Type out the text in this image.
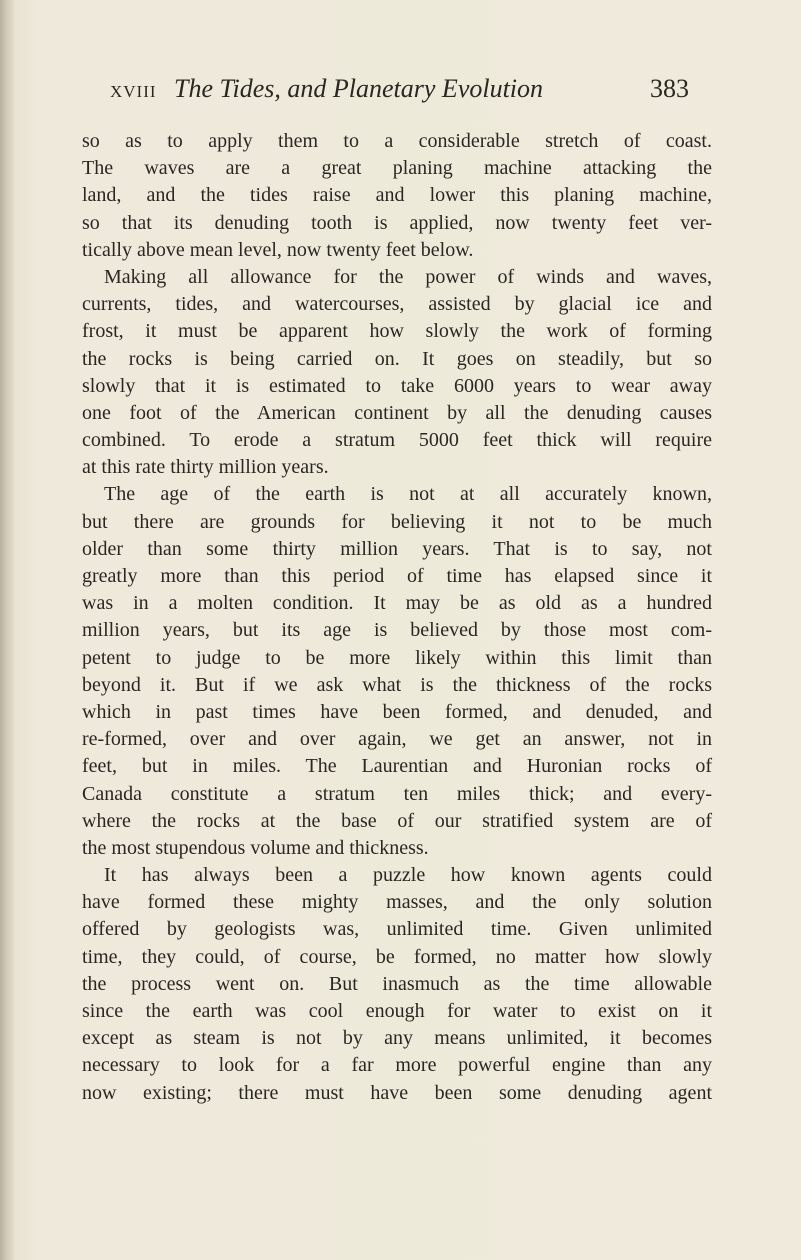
XVIII The Tides, and Planetary Evolution	383
so as to apply them to a considerable stretch of coast.
The waves are a great planing machine attacking the
land, and the tides raise and lower this planing machine,
so that its denuding tooth is applied, now twenty feet ver-
tically above mean level, now twenty feet below.
Making all allowance for the power of winds and waves,
currents, tides, and watercourses, assisted by glacial ice and
frost, it must be apparent how slowly the work of forming
the rocks is being carried on. It goes on steadily, but so
slowly that it is estimated to take 6000 years to wear away
one foot of the American continent by all the denuding causes
combined. To erode a stratum 5000 feet thick will require
at this rate thirty million years.
The age of the earth is not at all accurately known,
but there are grounds for believing it not to be much
older than some thirty million years. That is to say, not
greatly more than this period of time has elapsed since it
was in a molten condition. It may be as old as a hundred
million years, but its age is believed by those most com-
petent to judge to be more likely within this limit than
beyond it. But if we ask what is the thickness of the rocks
which in past times have been formed, and denuded, and
re-formed, over and over again, we get an answer, not in
feet, but in miles. The Laurentian and Huronian rocks of
Canada constitute a stratum ten miles thick; and every-
where the rocks at the base of our stratified system are of
the most stupendous volume and thickness.
It has always been a puzzle how known agents could
have formed these mighty masses, and the only solution
offered by geologists was, unlimited time. Given unlimited
time, they could, of course, be formed, no matter how slowly
the process went on. But inasmuch as the time allowable
since the earth was cool enough for water to exist on it
except as steam is not by any means unlimited, it becomes
necessary to look for a far more powerful engine than any
now existing; there must have been some denuding agent
